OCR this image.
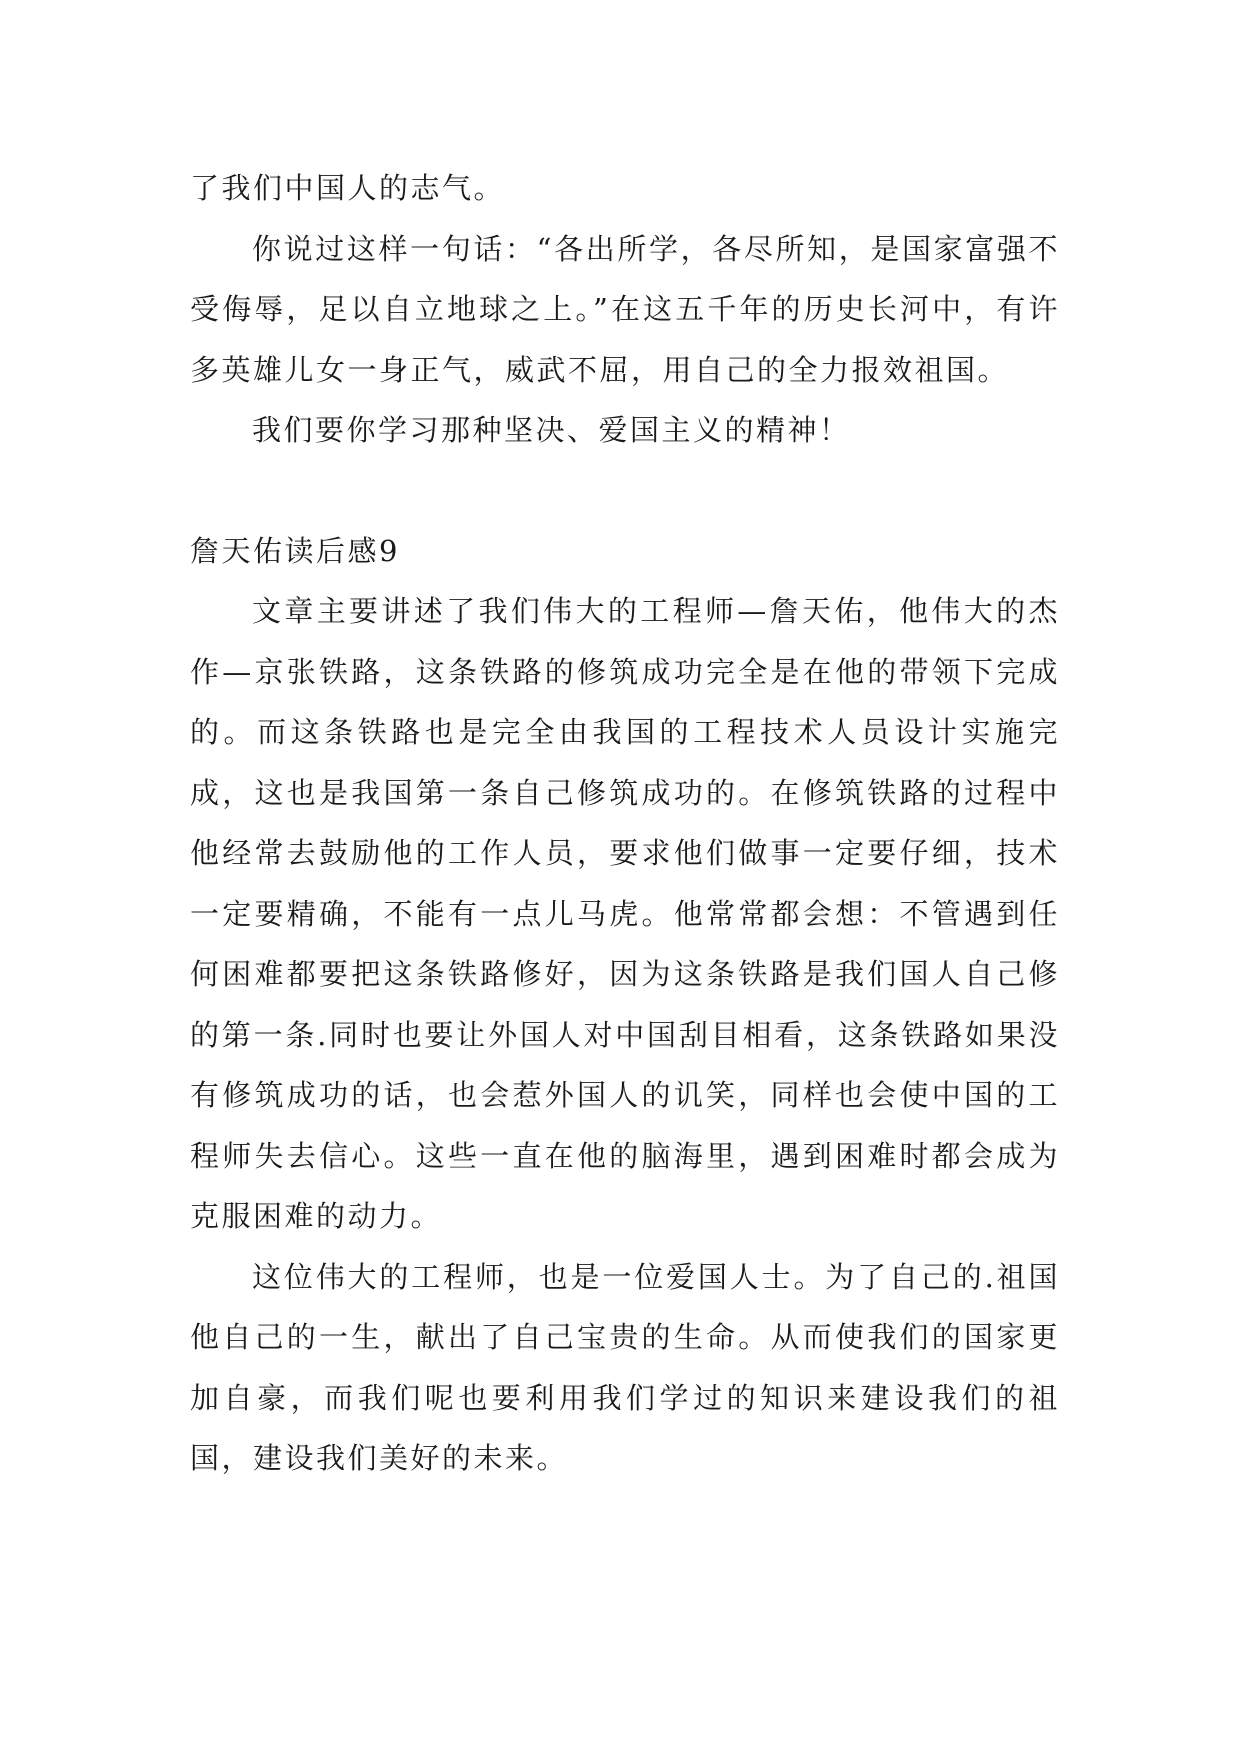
了我们中国人的志气。

你说过这样一句话：“各出所学，各尽所知，是国家富强不受侮辱，足以自立地球之上。”在这五千年的历史长河中，有许多英雄儿女一身正气，威武不屈，用自己的全力报效祖国。

我们要你学习那种坚决、爱国主义的精神！

詹天佑读后感9

文章主要讲述了我们伟大的工程师—詹天佑，他伟大的杰作—京张铁路，这条铁路的修筑成功完全是在他的带领下完成的。而这条铁路也是完全由我国的工程技术人员设计实施完成，这也是我国第一条自己修筑成功的。在修筑铁路的过程中他经常去鼓励他的工作人员，要求他们做事一定要仔细，技术一定要精确，不能有一点儿马虎。他常常都会想：不管遇到任何困难都要把这条铁路修好，因为这条铁路是我们国人自己修的第一条.同时也要让外国人对中国刮目相看，这条铁路如果没有修筑成功的话，也会惹外国人的讥笑，同样也会使中国的工程师失去信心。这些一直在他的脑海里，遇到困难时都会成为克服困难的动力。

这位伟大的工程师，也是一位爱国人士。为了自己的.祖国他自己的一生，献出了自己宝贵的生命。从而使我们的国家更加自豪，而我们呢也要利用我们学过的知识来建设我们的祖国，建设我们美好的未来。
